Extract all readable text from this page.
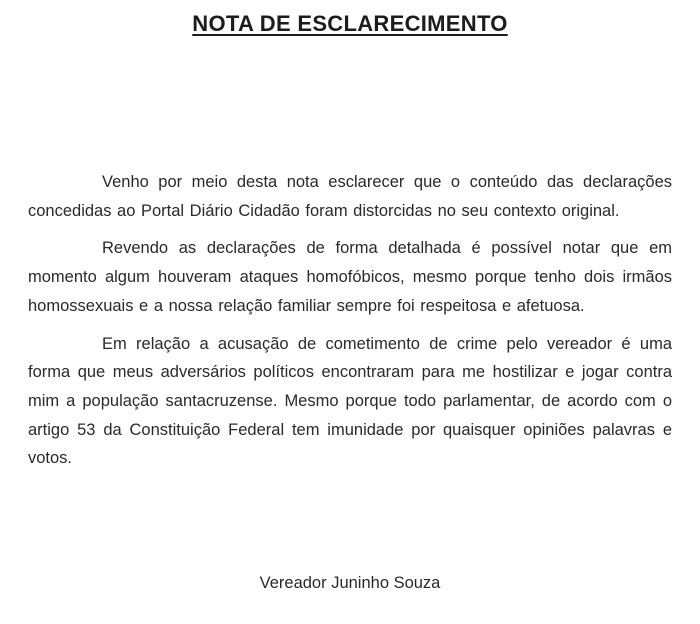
NOTA DE ESCLARECIMENTO

Venho por meio desta nota esclarecer que o conteúdo das declarações concedidas ao Portal Diário Cidadão foram distorcidas no seu contexto original.

Revendo as declarações de forma detalhada é possível notar que em momento algum houveram ataques homofóbicos, mesmo porque tenho dois irmãos homossexuais e a nossa relação familiar sempre foi respeitosa e afetuosa.

Em relação a acusação de cometimento de crime pelo vereador é uma forma que meus adversários políticos encontraram para me hostilizar e jogar contra mim a população santacruzense. Mesmo porque todo parlamentar, de acordo com o artigo 53 da Constituição Federal tem imunidade por quaisquer opiniões palavras e votos.

Vereador Juninho Souza
